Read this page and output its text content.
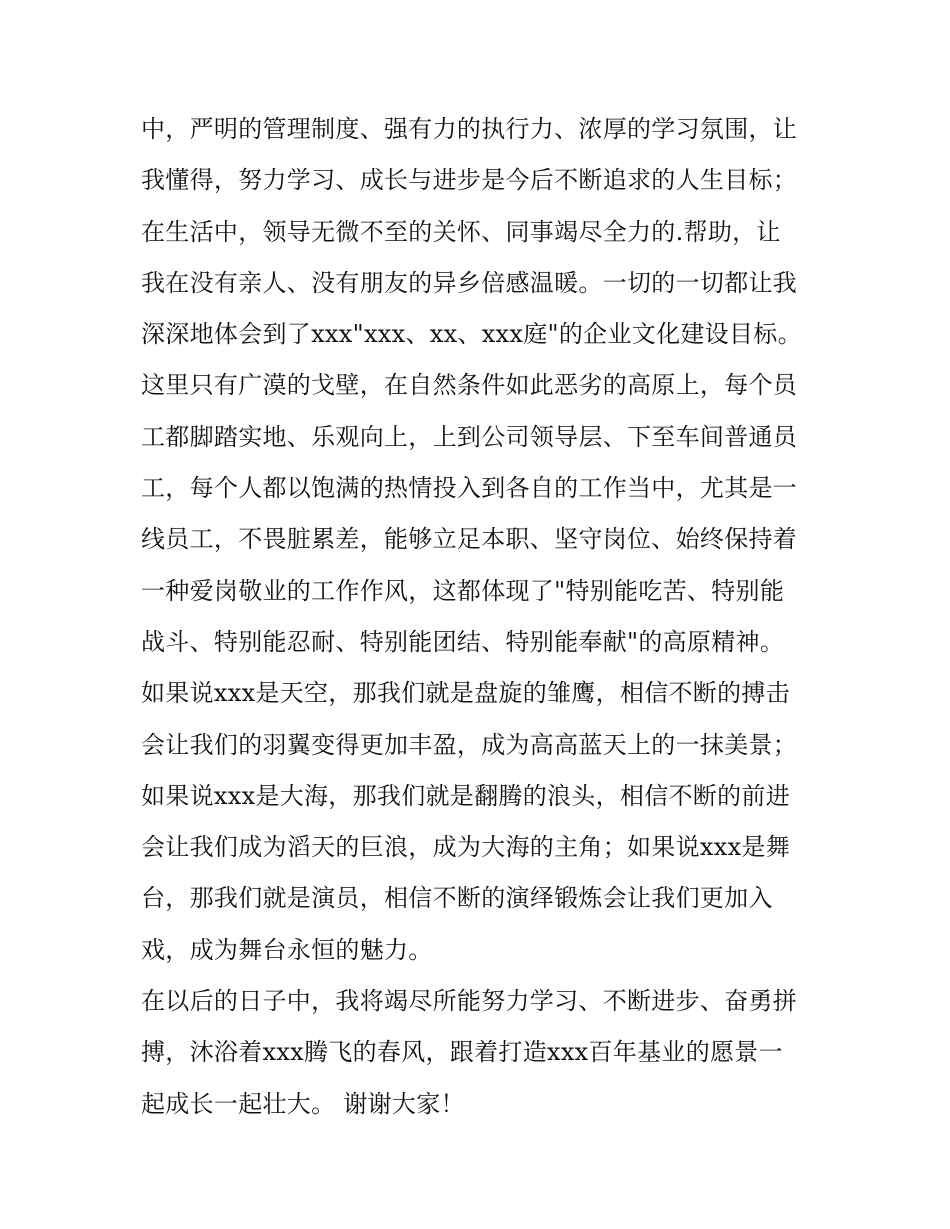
中，严明的管理制度、强有力的执行力、浓厚的学习氛围，让
我懂得，努力学习、成长与进步是今后不断追求的人生目标；
在生活中，领导无微不至的关怀、同事竭尽全力的.帮助，让
我在没有亲人、没有朋友的异乡倍感温暖。一切的一切都让我
深深地体会到了xxx"xxx、xx、xxx庭"的企业文化建设目标。
这里只有广漠的戈壁，在自然条件如此恶劣的高原上，每个员
工都脚踏实地、乐观向上，上到公司领导层、下至车间普通员
工，每个人都以饱满的热情投入到各自的工作当中，尤其是一
线员工，不畏脏累差，能够立足本职、坚守岗位、始终保持着
一种爱岗敬业的工作作风，这都体现了"特别能吃苦、特别能
战斗、特别能忍耐、特别能团结、特别能奉献"的高原精神。
如果说xxx是天空，那我们就是盘旋的雏鹰，相信不断的搏击
会让我们的羽翼变得更加丰盈，成为高高蓝天上的一抹美景；
如果说xxx是大海，那我们就是翻腾的浪头，相信不断的前进
会让我们成为滔天的巨浪，成为大海的主角；如果说xxx是舞
台，那我们就是演员，相信不断的演绎锻炼会让我们更加入
戏，成为舞台永恒的魅力。
在以后的日子中，我将竭尽所能努力学习、不断进步、奋勇拼
搏，沐浴着xxx腾飞的春风，跟着打造xxx百年基业的愿景一
起成长一起壮大。 谢谢大家！
